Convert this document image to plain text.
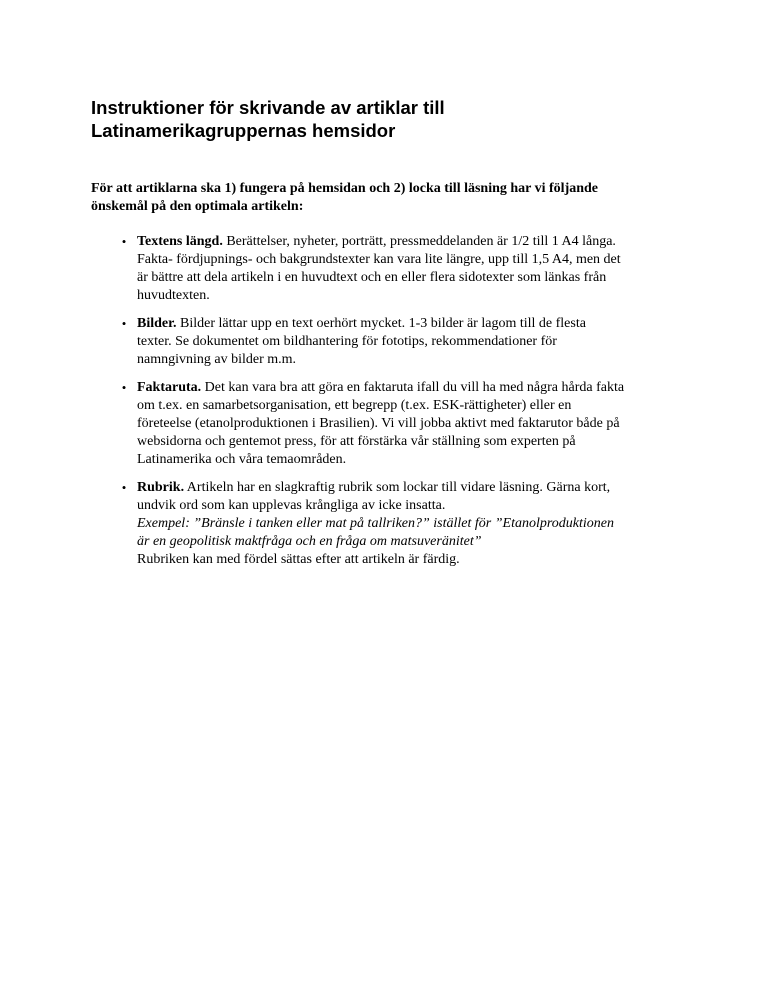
Instruktioner för skrivande av artiklar till
Latinamerikagruppernas hemsidor

För att artiklarna ska 1) fungera på hemsidan och 2) locka till läsning har vi följande
önskemål på den optimala artikeln:

• Textens längd. Berättelser, nyheter, porträtt, pressmeddelanden är 1/2 till 1 A4 långa.
Fakta- fördjupnings- och bakgrundstexter kan vara lite längre, upp till 1,5 A4, men det
är bättre att dela artikeln i en huvudtext och en eller flera sidotexter som länkas från
huvudtexten.
• Bilder. Bilder lättar upp en text oerhört mycket. 1-3 bilder är lagom till de flesta
texter. Se dokumentet om bildhantering för fototips, rekommendationer för
namngivning av bilder m.m.
• Faktaruta. Det kan vara bra att göra en faktaruta ifall du vill ha med några hårda fakta
om t.ex. en samarbetsorganisation, ett begrepp (t.ex. ESK-rättigheter) eller en
företeelse (etanolproduktionen i Brasilien). Vi vill jobba aktivt med faktarutor både på
websidorna och gentemot press, för att förstärka vår ställning som experten på
Latinamerika och våra temaområden.
• Rubrik. Artikeln har en slagkraftig rubrik som lockar till vidare läsning. Gärna kort,
undvik ord som kan upplevas krångliga av icke insatta.
Exempel: ”Bränsle i tanken eller mat på tallriken?” istället för ”Etanolproduktionen
är en geopolitisk maktfråga och en fråga om matsuveränitet”
Rubriken kan med fördel sättas efter att artikeln är färdig.
